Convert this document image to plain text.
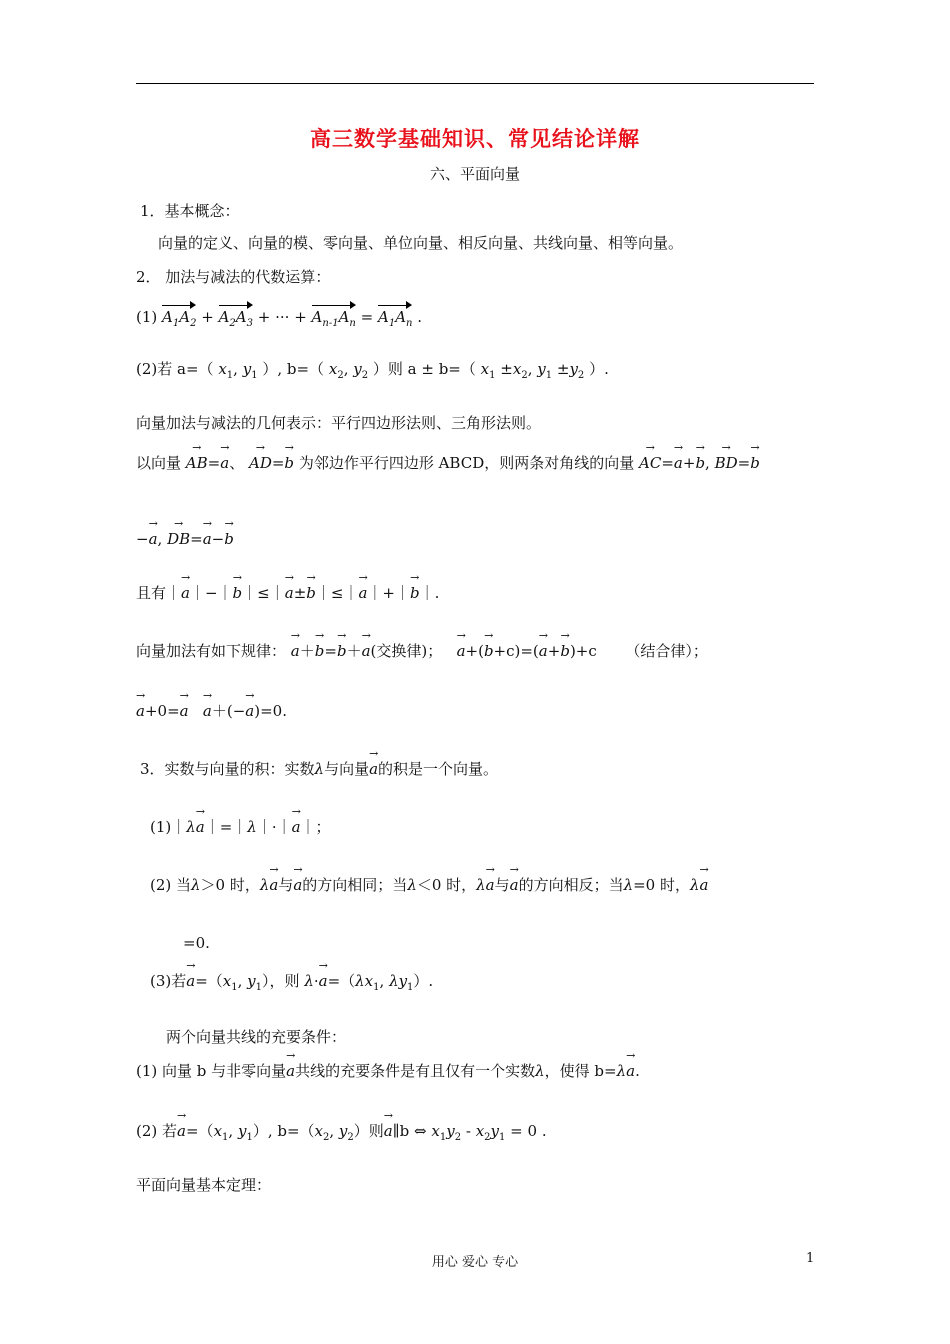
高三数学基础知识、常见结论详解
六、平面向量
1．基本概念：
向量的定义、向量的模、零向量、单位向量、相反向量、共线向量、相等向量。
2． 加法与减法的代数运算：
(1) $A_1A_2 + A_2A_3$ + ··· + $A_{n-1}A_n = A_1A_n$ .
(2)若 a=（ $x_1$, $y_1$ ）, b=（ $x_2$, $y_2$ ）则 a ± b=（ $x_1 \pm x_2$, $y_1 \pm y_2$ ）.
向量加法与减法的几何表示：平行四边形法则、三角形法则。
以向量 → AB=→ a、 → AD=→ b 为邻边作平行四边形 ABCD，则两条对角线的向量 → AC=→ a+→ b, → BD=→ b
−→ a, → DB=→ a−→ b
且有｜→ a｜−｜→ b｜≤｜→ a±→ b｜≤｜→ a｜+｜→ b｜.
向量加法有如下规律： → a＋→ b=→ b＋→ a(交换律)； → a+(→ b+c)=(→ a+→ b)+c      （结合律）；
→ a+0=→ a → a＋(−→ a)=0.
3．实数与向量的积：实数λ与向量→ a的积是一个向量。
(1)｜λ→ a｜=｜λ｜·｜→ a｜；
(2) 当λ＞0 时，λ→ a与→ a的方向相同；当λ＜0 时，λ→ a与→ a的方向相反；当λ=0 时，λ→ a
=0.
(3)若→ $a=(x_1$, $y_1$），则 $\lambda\cdot\to a=(\lambda x_1$, $\lambda y_1$）.
两个向量共线的充要条件：
(1) 向量 b 与非零向量→ a共线的充要条件是有且仅有一个实数λ，使得 b=λ→ a.
(2) 若→ $a=(x_1$, $y_1$）, $b=(x_2$, $y_2$）则→ a∥b ⇔ $x_1y_2 - x_2y_1 = 0$ .
平面向量基本定理：
用心 爱心 专心	1
